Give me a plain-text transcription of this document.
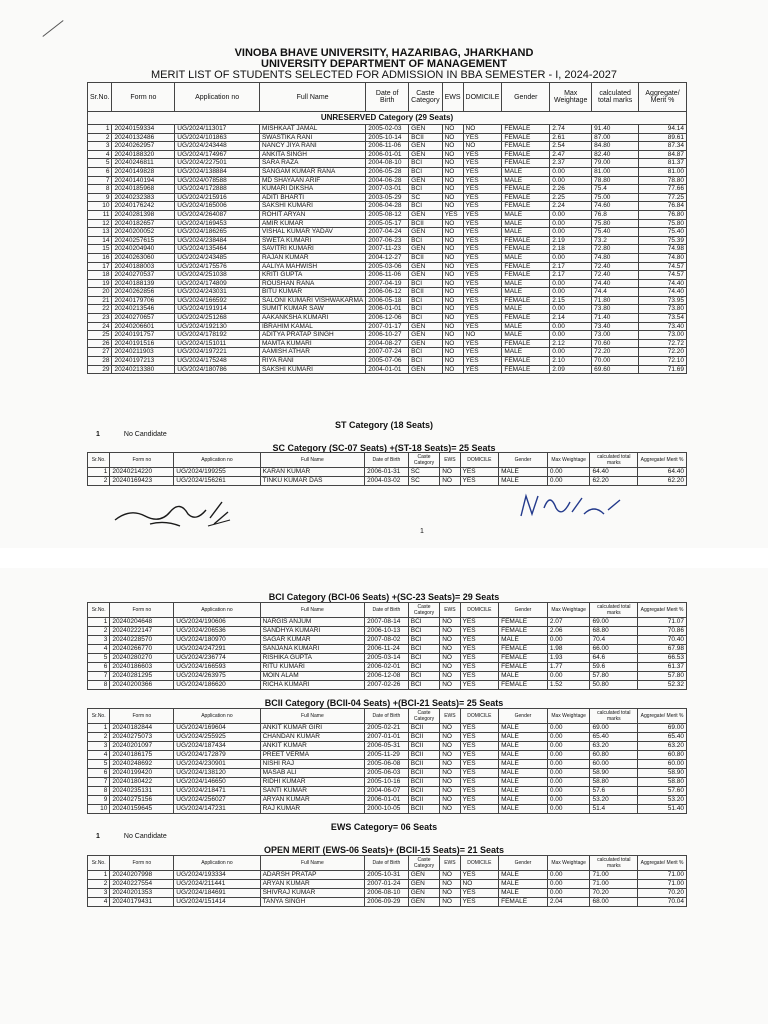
VINOBA BHAVE UNIVERSITY, HAZARIBAG, JHARKHAND
UNIVERSITY DEPARTMENT OF MANAGEMENT
MERIT LIST OF STUDENTS SELECTED FOR ADMISSION IN BBA SEMESTER - I, 2024-2027
Sr.No.	Form no	Application no	Full Name	Date of Birth	Caste Category	EWS	DOMICILE	Gender	Max Weightage	calculated total marks	Aggregate/ Merit %
UNRESERVED Category (29 Seats)											
1	20240159334	UG/2024/113017	MISHKAAT JAMAL	2005-02-03	GEN	NO	NO	FEMALE	2.74	91.40	94.14
2	20240132486	UG/2024/101863	SWASTIKA RANI	2005-10-14	BCII	NO	YES	FEMALE	2.61	87.00	89.61
3	20240262957	UG/2024/243448	NANCY JIYA RANI	2006-11-06	GEN	NO	NO	FEMALE	2.54	84.80	87.34
4	20240188320	UG/2024/174967	ANKITA SINGH	2006-01-01	GEN	NO	YES	FEMALE	2.47	82.40	84.87
5	20240246811	UG/2024/227501	SARA RAZA	2004-08-10	BCI	NO	YES	FEMALE	2.37	79.00	81.37
6	20240149828	UG/2024/138884	SANGAM KUMAR RANA	2006-05-28	BCI	NO	YES	MALE	0.00	81.00	81.00
7	20240140194	UG/2024/078588	MD SHAYAAN ARIF	2004-06-28	GEN	NO	YES	MALE	0.00	78.80	78.80
8	20240185968	UG/2024/172888	KUMARI DIKSHA	2007-03-01	BCI	NO	YES	FEMALE	2.26	75.4	77.66
9	20240232383	UG/2024/215916	ADITI BHARTI	2003-05-29	SC	NO	YES	FEMALE	2.25	75.00	77.25
10	20240176242	UG/2024/165006	SAKSHI KUMARI	2006-04-28	BCI	NO	YES	FEMALE	2.24	74.60	76.84
11	20240281398	UG/2024/264087	ROHIT ARYAN	2005-08-12	GEN	YES	YES	MALE	0.00	76.8	76.80
12	20240182657	UG/2024/169453	AMIR KUMAR	2005-05-17	BCII	NO	YES	MALE	0.00	75.80	75.80
13	20240200052	UG/2024/186265	VISHAL KUMAR YADAV	2007-04-24	GEN	NO	YES	MALE	0.00	75.40	75.40
14	20240257615	UG/2024/238484	SWETA KUMARI	2007-06-23	BCI	NO	YES	FEMALE	2.19	73.2	75.39
15	20240204940	UG/2024/135464	SAVITRI KUMARI	2007-11-23	GEN	NO	YES	FEMALE	2.18	72.80	74.98
16	20240263060	UG/2024/243485	RAJAN KUMAR	2004-12-27	BCII	NO	YES	MALE	0.00	74.80	74.80
17	20240188003	UG/2024/175576	AALIYA MAHWISH	2005-03-06	GEN	NO	YES	FEMALE	2.17	72.40	74.57
18	20240270537	UG/2024/251038	KRITI GUPTA	2006-11-06	GEN	NO	YES	FEMALE	2.17	72.40	74.57
19	20240188139	UG/2024/174809	ROUSHAN RANA	2007-04-19	BCI	NO	YES	MALE	0.00	74.40	74.40
20	20240262856	UG/2024/243031	BITU KUMAR	2006-06-12	BCII	NO	YES	MALE	0.00	74.4	74.40
21	20240179706	UG/2024/166592	SALONI KUMARI VISHWAKARMA	2006-05-18	BCI	NO	YES	FEMALE	2.15	71.80	73.95
22	20240213546	UG/2024/191914	SUMIT KUMAR SAW	2006-01-01	BCI	NO	YES	MALE	0.00	73.80	73.80
23	20240270657	UG/2024/251268	AAKANKSHA KUMARI	2006-12-06	BCI	NO	YES	FEMALE	2.14	71.40	73.54
24	20240206601	UG/2024/192130	IBRAHIM KAMAL	2007-01-17	GEN	NO	YES	MALE	0.00	73.40	73.40
25	20240191757	UG/2024/178192	ADITYA PRATAP SINGH	2006-10-27	GEN	NO	NO	MALE	0.00	73.00	73.00
26	20240191516	UG/2024/151011	MAMTA KUMARI	2004-08-27	GEN	NO	YES	FEMALE	2.12	70.60	72.72
27	20240211903	UG/2024/197221	AAMISH ATHAR	2007-07-24	BCI	NO	YES	MALE	0.00	72.20	72.20
28	20240197213	UG/2024/175248	RIYA RANI	2005-07-06	BCI	NO	YES	FEMALE	2.10	70.00	72.10
29	20240213380	UG/2024/180786	SAKSHI KUMARI	2004-01-01	GEN	NO	YES	FEMALE	2.09	69.60	71.69
ST Category (18 Seats)
1	No Candidate
SC Category (SC-07 Seats) +(ST-18 Seats)= 25 Seats
Sr.No.	Form no	Application no	Full Name	Date of Birth	Caste Category	EWS	DOMICILE	Gender	Max Weightage	calculated total marks	Aggregate/ Merit %
1	20240214220	UG/2024/199255	KARAN KUMAR	2006-01-31	SC	NO	YES	MALE	0.00	64.40	64.40
2	20240169423	UG/2024/156261	TINKU KUMAR DAS	2004-03-02	SC	NO	YES	MALE	0.00	62.20	62.20
1
BCI Category (BCI-06 Seats) +(SC-23 Seats)= 29 Seats
Sr.No.	Form no	Application no	Full Name	Date of Birth	Caste Category	EWS	DOMICILE	Gender	Max Weightage	calculated total marks	Aggregate/ Merit %
1	20240204648	UG/2024/190606	NARGIS ANJUM	2007-08-14	BCI	NO	YES	FEMALE	2.07	69.00	71.07
2	20240222147	UG/2024/206536	SANDHYA KUMARI	2006-10-13	BCI	NO	YES	FEMALE	2.06	68.80	70.86
3	20240228570	UG/2024/180970	SAGAR KUMAR	2007-08-02	BCI	NO	YES	MALE	0.00	70.4	70.40
4	20240266770	UG/2024/247291	SANJANA KUMARI	2006-11-24	BCI	NO	YES	FEMALE	1.98	66.00	67.98
5	20240280270	UG/2024/236774	RISHIKA GUPTA	2005-03-14	BCI	NO	YES	FEMALE	1.93	64.6	66.53
6	20240186603	UG/2024/166593	RITU KUMARI	2006-02-01	BCI	NO	YES	FEMALE	1.77	59.6	61.37
7	20240281295	UG/2024/263975	MOIN ALAM	2006-12-08	BCI	NO	YES	MALE	0.00	57.80	57.80
8	20240200366	UG/2024/186620	RICHA KUMARI	2007-02-26	BCI	NO	YES	FEMALE	1.52	50.80	52.32
BCII Category (BCII-04 Seats) +(BCI-21 Seats)= 25 Seats
Sr.No.	Form no	Application no	Full Name	Date of Birth	Caste Category	EWS	DOMICILE	Gender	Max Weightage	calculated total marks	Aggregate/ Merit %
1	20240182844	UG/2024/169604	ANKIT KUMAR GIRI	2005-02-21	BCII	NO	YES	MALE	0.00	69.00	69.00
2	20240275073	UG/2024/255925	CHANDAN KUMAR	2007-01-01	BCII	NO	YES	MALE	0.00	65.40	65.40
3	20240201097	UG/2024/187434	ANKIT KUMAR	2006-05-31	BCII	NO	YES	MALE	0.00	63.20	63.20
4	20240186175	UG/2024/172879	PREET VERMA	2005-11-29	BCII	NO	YES	MALE	0.00	60.80	60.80
5	20240248692	UG/2024/230901	NISHI RAJ	2005-06-08	BCII	NO	YES	MALE	0.00	60.00	60.00
6	20240199420	UG/2024/138120	MASAB ALI	2005-06-03	BCII	NO	YES	MALE	0.00	58.90	58.90
7	20240180422	UG/2024/146650	RIDHI KUMAR	2005-10-16	BCII	NO	YES	MALE	0.00	58.80	58.80
8	20240235131	UG/2024/218471	SANTI KUMAR	2004-06-07	BCII	NO	YES	MALE	0.00	57.6	57.60
9	20240275156	UG/2024/256027	ARYAN KUMAR	2006-01-01	BCII	NO	YES	MALE	0.00	53.20	53.20
10	20240159645	UG/2024/147231	RAJ KUMAR	2000-10-05	BCII	NO	YES	MALE	0.00	51.4	51.40
EWS Category= 06 Seats
1	No Candidate
OPEN MERIT (EWS-06 Seats)+ (BCII-15 Seats)= 21 Seats
Sr.No.	Form no	Application no	Full Name	Date of Birth	Caste Category	EWS	DOMICILE	Gender	Max Weightage	calculated total marks	Aggregate/ Merit %
1	20240207998	UG/2024/193334	ADARSH PRATAP	2005-10-31	GEN	NO	YES	MALE	0.00	71.00	71.00
2	20240227554	UG/2024/211441	ARYAN KUMAR	2007-01-24	GEN	NO	NO	MALE	0.00	71.00	71.00
3	20240201353	UG/2024/184691	SHIVRAJ KUMAR	2006-08-10	GEN	NO	YES	MALE	0.00	70.20	70.20
4	20240179431	UG/2024/151414	TANYA SINGH	2006-09-29	GEN	NO	YES	FEMALE	2.04	68.00	70.04
